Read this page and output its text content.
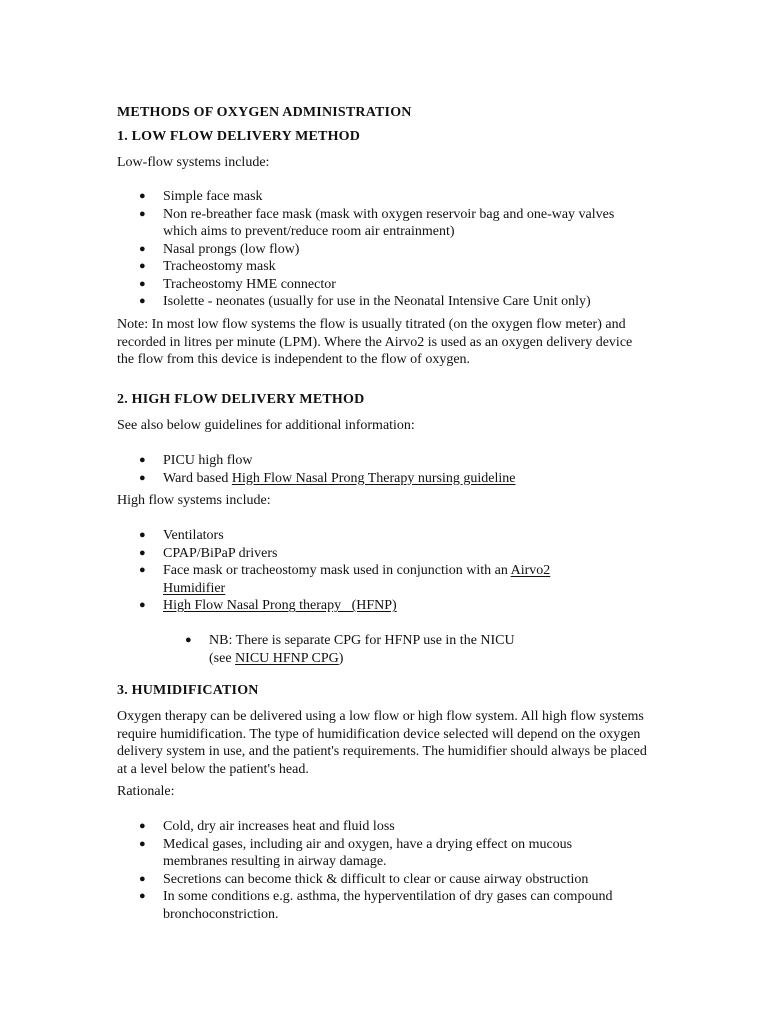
METHODS OF OXYGEN ADMINISTRATION
1. LOW FLOW DELIVERY METHOD

Low-flow systems include:

● Simple face mask
● Non re-breather face mask (mask with oxygen reservoir bag and one-way valves which aims to prevent/reduce room air entrainment)
● Nasal prongs (low flow)
● Tracheostomy mask
● Tracheostomy HME connector
● Isolette - neonates (usually for use in the Neonatal Intensive Care Unit only)

Note: In most low flow systems the flow is usually titrated (on the oxygen flow meter) and recorded in litres per minute (LPM). Where the Airvo2 is used as an oxygen delivery device the flow from this device is independent to the flow of oxygen.

2. HIGH FLOW DELIVERY METHOD

See also below guidelines for additional information:

● PICU high flow
● Ward based High Flow Nasal Prong Therapy nursing guideline

High flow systems include:

● Ventilators
● CPAP/BiPaP drivers
● Face mask or tracheostomy mask used in conjunction with an Airvo2 Humidifier
● High Flow Nasal Prong therapy   (HFNP)
● NB: There is separate CPG for HFNP use in the NICU (see NICU HFNP CPG)
3. HUMIDIFICATION

Oxygen therapy can be delivered using a low flow or high flow system. All high flow systems require humidification. The type of humidification device selected will depend on the oxygen delivery system in use, and the patient's requirements. The humidifier should always be placed at a level below the patient's head.

Rationale:

● Cold, dry air increases heat and fluid loss
● Medical gases, including air and oxygen, have a drying effect on mucous membranes resulting in airway damage.
● Secretions can become thick & difficult to clear or cause airway obstruction
● In some conditions e.g. asthma, the hyperventilation of dry gases can compound bronchoconstriction.
